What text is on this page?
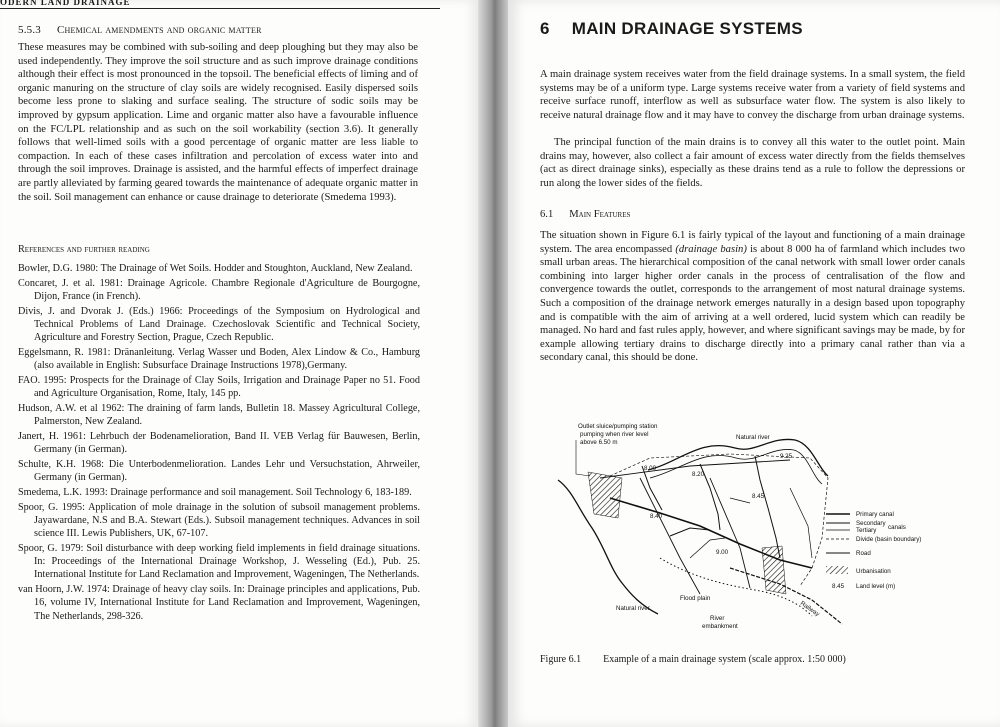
ODERN LAND DRAINAGE
5.5.3 Chemical amendments and organic matter

These measures may be combined with sub-soiling and deep ploughing but they may also be used independently. They improve the soil structure and as such improve drainage conditions although their effect is most pronounced in the topsoil. The beneficial effects of liming and of organic manuring on the structure of clay soils are widely recognised. Easily dispersed soils become less prone to slaking and surface sealing. The structure of sodic soils may be improved by gypsum application. Lime and organic matter also have a favourable influence on the FC/LPL relationship and as such on the soil workability (section 3.6). It generally follows that well-limed soils with a good percentage of organic matter are less liable to compaction. In each of these cases infiltration and percolation of excess water into and through the soil improves. Drainage is assisted, and the harmful effects of imperfect drainage are partly alleviated by farming geared towards the maintenance of adequate organic matter in the soil. Soil management can enhance or cause drainage to deteriorate (Smedema 1993).

References and further reading
Bowler, D.G. 1980: The Drainage of Wet Soils. Hodder and Stoughton, Auckland, New Zealand.
Concaret, J. et al. 1981: Drainage Agricole. Chambre Regionale d'Agriculture de Bourgogne, Dijon, France (in French).
Divis, J. and Dvorak J. (Eds.) 1966: Proceedings of the Symposium on Hydrological and Technical Problems of Land Drainage. Czechoslovak Scientific and Technical Society, Agriculture and Forestry Section, Prague, Czech Republic.
Eggelsmann, R. 1981: Dränanleitung. Verlag Wasser und Boden, Alex Lindow & Co., Hamburg (also available in English: Subsurface Drainage Instructions 1978),Germany.
FAO. 1995: Prospects for the Drainage of Clay Soils, Irrigation and Drainage Paper no 51. Food and Agriculture Organisation, Rome, Italy, 145 pp.
Hudson, A.W. et al 1962: The draining of farm lands, Bulletin 18. Massey Agricultural College, Palmerston, New Zealand.
Janert, H. 1961: Lehrbuch der Bodenamelioration, Band II. VEB Verlag für Bauwesen, Berlin, Germany (in German).
Schulte, K.H. 1968: Die Unterbodenmelioration. Landes Lehr und Versuchstation, Ahrweiler, Germany (in German).
Smedema, L.K. 1993: Drainage performance and soil management. Soil Technology 6, 183-189.
Spoor, G. 1995: Application of mole drainage in the solution of subsoil management problems. Jayawardane, N.S and B.A. Stewart (Eds.). Subsoil management techniques. Advances in soil science III. Lewis Publishers, UK, 67-107.
Spoor, G. 1979: Soil disturbance with deep working field implements in field drainage situations. In: Proceedings of the International Drainage Workshop, J. Wesseling (Ed.), Pub. 25. International Institute for Land Reclamation and Improvement, Wageningen, The Netherlands.
van Hoorn, J.W. 1974: Drainage of heavy clay soils. In: Drainage principles and applications, Pub. 16, volume IV, International Institute for Land Reclamation and Improvement, Wageningen, The Netherlands, 298-326.
6 MAIN DRAINAGE SYSTEMS

A main drainage system receives water from the field drainage systems. In a small system, the field systems may be of a uniform type. Large systems receive water from a variety of field systems and receive surface runoff, interflow as well as subsurface water flow. The system is also likely to receive natural drainage flow and it may have to convey the discharge from urban drainage systems.

The principal function of the main drains is to convey all this water to the outlet point. Main drains may, however, also collect a fair amount of excess water directly from the fields themselves (act as direct drainage sinks), especially as these drains tend as a rule to follow the depressions or run along the lower sides of the fields.

6.1 Main Features

The situation shown in Figure 6.1 is fairly typical of the layout and functioning of a main drainage system. The area encompassed (drainage basin) is about 8 000 ha of farmland which includes two small urban areas. The hierarchical composition of the canal network with small lower order canals combining into larger higher order canals in the process of centralisation of the flow and convergence towards the outlet, corresponds to the arrangement of most natural drainage systems. Such a composition of the drainage network emerges naturally in a design based upon topography and is compatible with the aim of arriving at a well ordered, lucid system which can readily be managed. No hard and fast rules apply, however, and where significant savings may be made, by for example allowing tertiary drains to discharge directly into a primary canal rather than via a secondary canal, this should be done.

Outlet sluice/pumping station
pumping when river level
above 6.50 m
Natural river
9.25
8.00
8.20
8.45
8.40
9.00
Natural river
Flood plain
River
embankment
Railway
Primary canal
Secondary
Tertiary canals
Divide (basin boundary)
Road
Urbanisation
8.45 Land level (m)
Figure 6.1 Example of a main drainage system (scale approx. 1:50 000)
